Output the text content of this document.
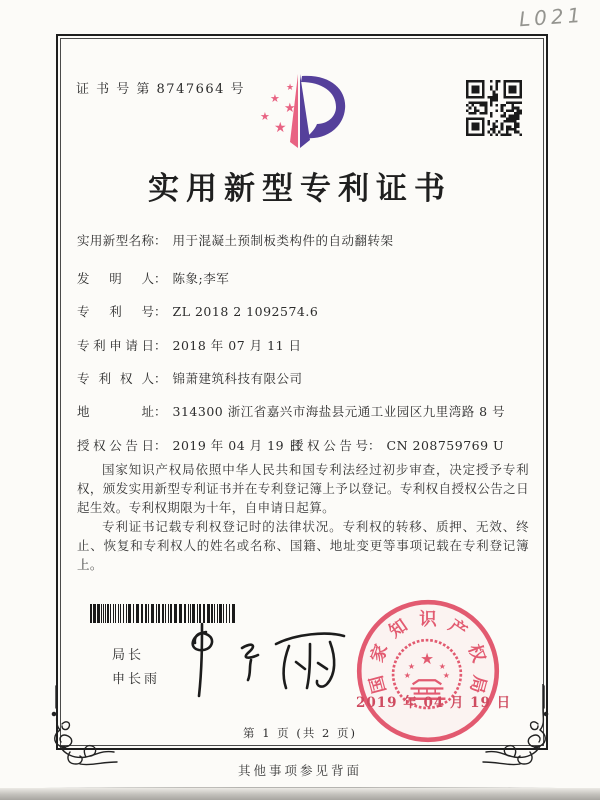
L021
证 书 号 第 8747664 号	★
★
★
★
★
实用新型专利证书
实用新型名称： 用于混凝土预制板类构件的自动翻转架
发明人： 陈象;李军
专利号： ZL 2018 2 1092574.6
专利申请日： 2018 年 07 月 11 日
专利权人： 锦萧建筑科技有限公司
地址： 314300 浙江省嘉兴市海盐县元通工业园区九里湾路 8 号
授权公告日： 2019 年 04 月 19 日
授权公告号： CN 208759769 U

国家知识产权局依照中华人民共和国专利法经过初步审查，决定授予专利权，颁发实用新型专利证书并在专利登记簿上予以登记。专利权自授权公告之日起生效。专利权期限为十年，自申请日起算。

专利证书记载专利权登记时的法律状况。专利权的转移、质押、无效、终止、恢复和专利权人的姓名或名称、国籍、地址变更等事项记载在专利登记簿上。

局长
申长雨	国
家
知 识 产
权
局
★
★	★
★	★
2019 年 04 月 19 日
第 1 页 (共 2 页)
其他事项参见背面
